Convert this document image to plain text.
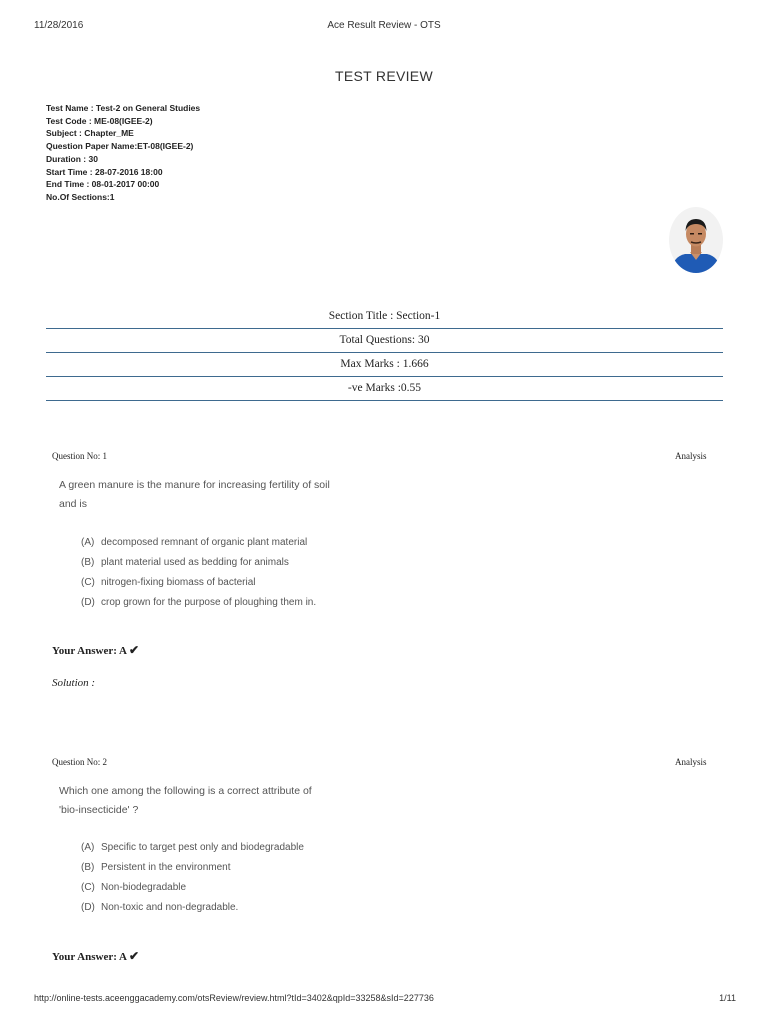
11/28/2016	Ace Result Review - OTS
TEST REVIEW
Test Name : Test-2 on General Studies
Test Code : ME-08(IGEE-2)
Subject : Chapter_ME
Question Paper Name:ET-08(IGEE-2)
Duration : 30
Start Time : 28-07-2016 18:00
End Time : 08-01-2017 00:00
No.Of Sections:1
Section Title : Section-1
Total Questions: 30
Max Marks : 1.666
-ve Marks :0.55
Question No: 1	Analysis
A green manure is the manure for increasing fertility of soil
and is
(A) decomposed remnant of organic plant material
(B) plant material used as bedding for animals
(C) nitrogen-fixing biomass of bacterial
(D) crop grown for the purpose of ploughing them in.
Your Answer: A ✔
Solution :
Question No: 2	Analysis
Which one among the following is a correct attribute of
'bio-insecticide' ?
(A) Specific to target pest only and biodegradable
(B) Persistent in the environment
(C) Non-biodegradable
(D) Non-toxic and non-degradable.
Your Answer: A ✔
http://online-tests.aceenggacademy.com/otsReview/review.html?tId=3402&qpId=33258&sId=227736	1/11
